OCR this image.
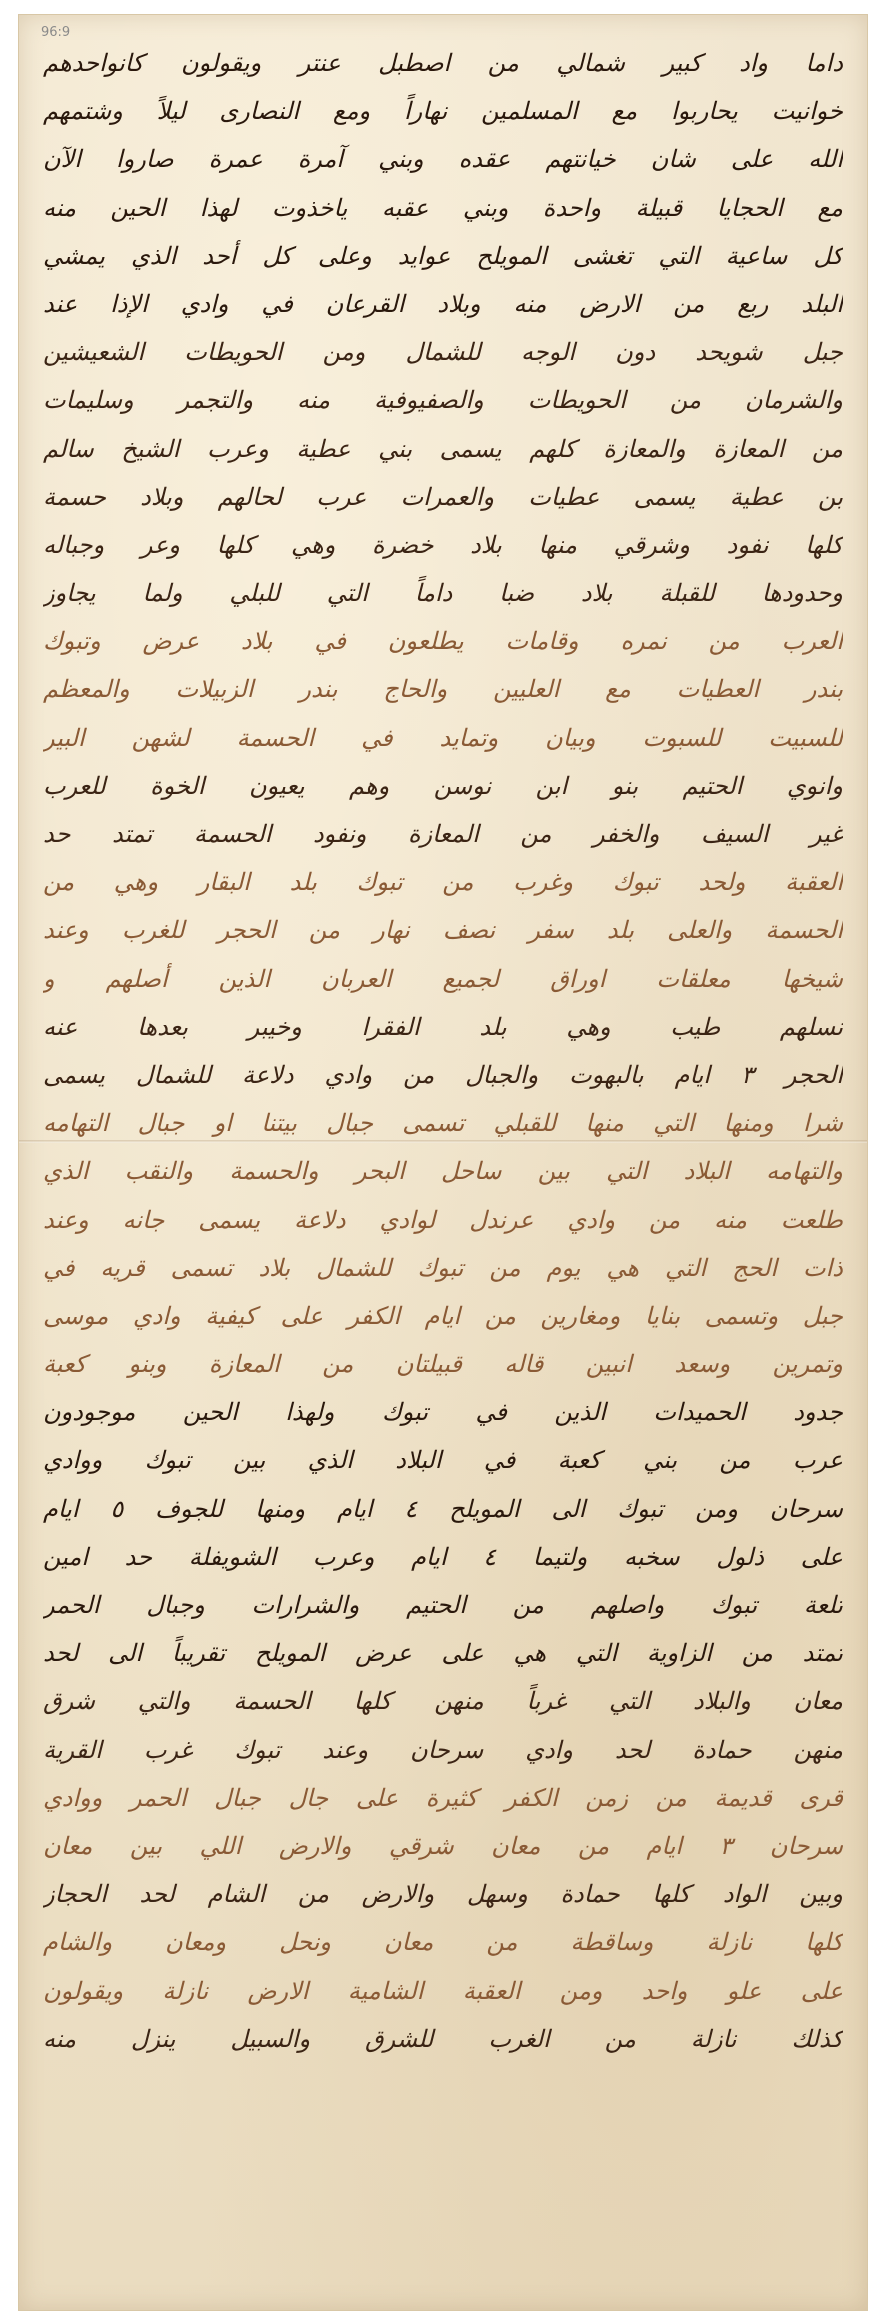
96:9
داما واد كبير شمالي من اصطبل عنتر ويقولون كانواحدهم
خوانيت يحاربوا مع المسلمين نهاراً ومع النصارى ليلاً وشتمهم
الله على شان خيانتهم عقده وبني آمرة عمرة صاروا الآن
مع الحجايا قبيلة واحدة وبني عقبه ياخذوت لهذا الحين منه
كل ساعية التي تغشى المويلح عوايد وعلى كل أحد الذي يمشي
البلد ربع من الارض منه وبلاد القرعان في وادي الإذا عند
جبل شويحد دون الوجه للشمال ومن الحويطات الشعيشين
والشرمان من الحويطات والصفيوفية منه والتجمر وسليمات
من المعازة والمعازة كلهم يسمى بني عطية وعرب الشيخ سالم
بن عطية يسمى عطيات والعمرات عرب لحالهم وبلاد حسمة
كلها نفود وشرقي منها بلاد خضرة وهي كلها وعر وجباله
وحدودها للقبلة بلاد ضبا داماً التي للبلي ولما يجاوز
العرب من نمره وقامات يطلعون في بلاد عرض وتبوك
بندر العطيات مع العليين والحاج بندر الزبيلات والمعظم
للسبيت للسبوت وبيان وتمايد في الحسمة لشهن البير
وانوي الحتيم بنو ابن نوسن وهم يعيون الخوة للعرب
غير السيف والخفر من المعازة ونفود الحسمة تمتد حد
العقبة ولحد تبوك وغرب من تبوك بلد البقار وهي من
الحسمة والعلى بلد سفر نصف نهار من الحجر للغرب وعند
شيخها معلقات اوراق لجميع العربان الذين أصلهم و
نسلهم طيب وهي بلد الفقرا وخيبر بعدها عنه
الحجر ٣ ايام بالبهوت والجبال من وادي دلاعة للشمال يسمى
شرا ومنها التي منها للقبلي تسمى جبال بيتنا او جبال التهامه
والتهامه البلاد التي بين ساحل البحر والحسمة والنقب الذي
طلعت منه من وادي عرندل لوادي دلاعة يسمى جانه وعند
ذات الحج التي هي يوم من تبوك للشمال بلاد تسمى قريه في
جبل وتسمى بنايا ومغارين من ايام الكفر على كيفية وادي موسى
وتمرين وسعد انبين قاله قبيلتان من المعازة وبنو كعبة
جدود الحميدات الذين في تبوك ولهذا الحين موجودون
عرب من بني كعبة في البلاد الذي بين تبوك ووادي
سرحان ومن تبوك الى المويلح ٤ ايام ومنها للجوف ٥ ايام
على ذلول سخبه ولتيما ٤ ايام وعرب الشويفلة حد امين
تلعة تبوك واصلهم من الحتيم والشرارات وجبال الحمر
تمتد من الزاوية التي هي على عرض المويلح تقريباً الى لحد
معان والبلاد التي غرباً منهن كلها الحسمة والتي شرق
منهن حمادة لحد وادي سرحان وعند تبوك غرب القرية
قرى قديمة من زمن الكفر كثيرة على جال جبال الحمر ووادي
سرحان ٣ ايام من معان شرقي والارض اللي بين معان
وبين الواد كلها حمادة وسهل والارض من الشام لحد الحجاز
كلها نازلة وساقطة من معان ونحل ومعان والشام
على علو واحد ومن العقبة الشامية الارض نازلة ويقولون
كذلك نازلة من الغرب للشرق والسبيل ينزل منه
